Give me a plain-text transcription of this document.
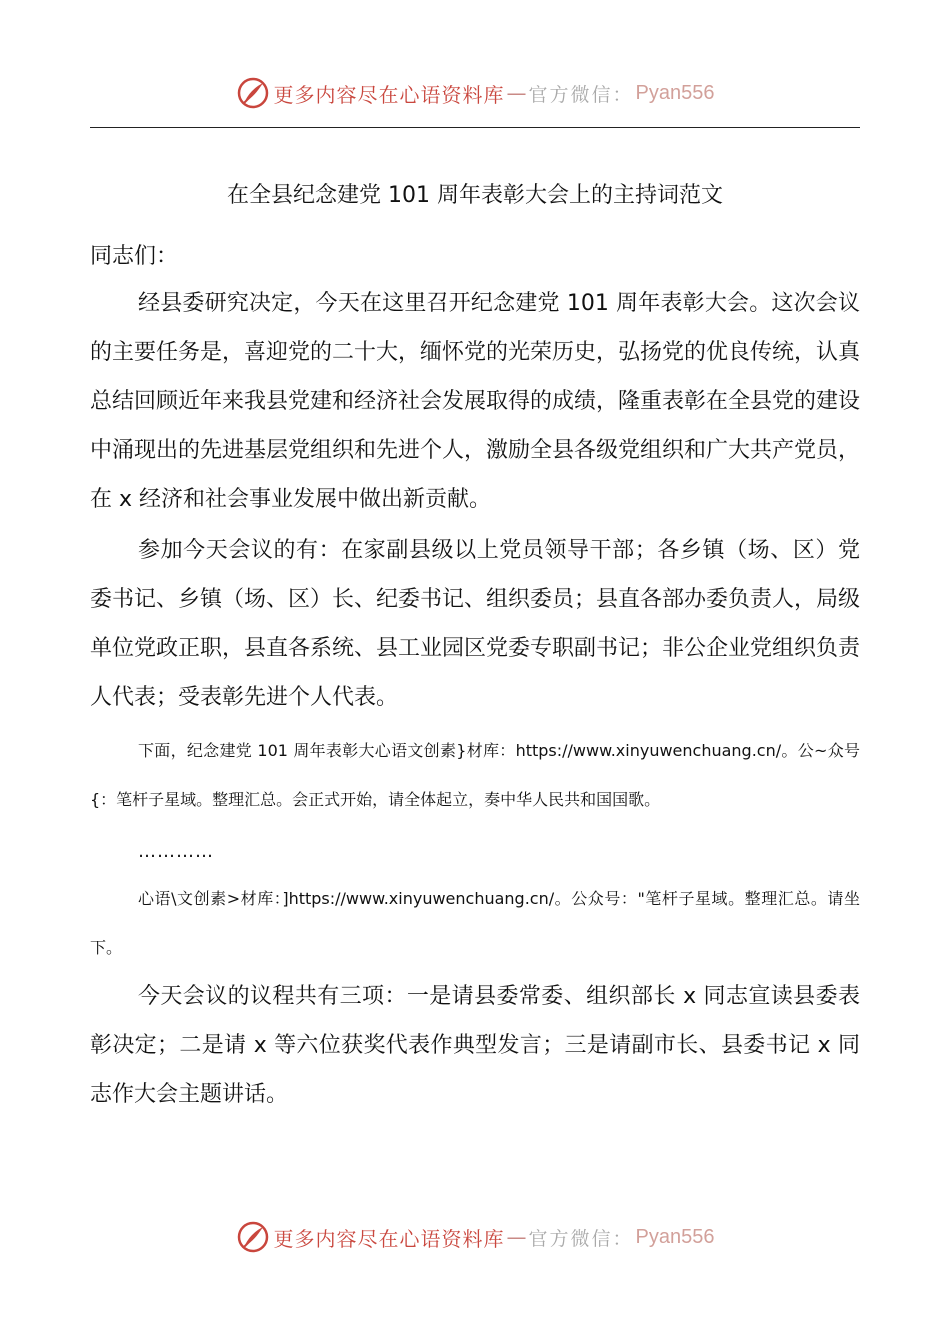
更多内容尽在心语资料库 — 官方微信： Pyan556
在全县纪念建党 101 周年表彰大会上的主持词范文

同志们：

经县委研究决定，今天在这里召开纪念建党 101 周年表彰大会。这次会议的主要任务是，喜迎党的二十大，缅怀党的光荣历史，弘扬党的优良传统，认真总结回顾近年来我县党建和经济社会发展取得的成绩，隆重表彰在全县党的建设中涌现出的先进基层党组织和先进个人，激励全县各级党组织和广大共产党员，在 x 经济和社会事业发展中做出新贡献。

参加今天会议的有：在家副县级以上党员领导干部；各乡镇（场、区）党委书记、乡镇（场、区）长、纪委书记、组织委员；县直各部办委负责人，局级单位党政正职，县直各系统、县工业园区党委专职副书记；非公企业党组织负责人代表；受表彰先进个人代表。

下面，纪念建党 101 周年表彰大心语文创素}材库：https://www.xinyuwenchuang.cn/。公~众号{：笔杆子星域。整理汇总。会正式开始，请全体起立，奏中华人民共和国国歌。

…………

心语\文创素>材库：]https://www.xinyuwenchuang.cn/。公众号："笔杆子星域。整理汇总。请坐下。

今天会议的议程共有三项：一是请县委常委、组织部长 x 同志宣读县委表彰决定；二是请 x 等六位获奖代表作典型发言；三是请副市长、县委书记 x 同志作大会主题讲话。

更多内容尽在心语资料库 — 官方微信： Pyan556
